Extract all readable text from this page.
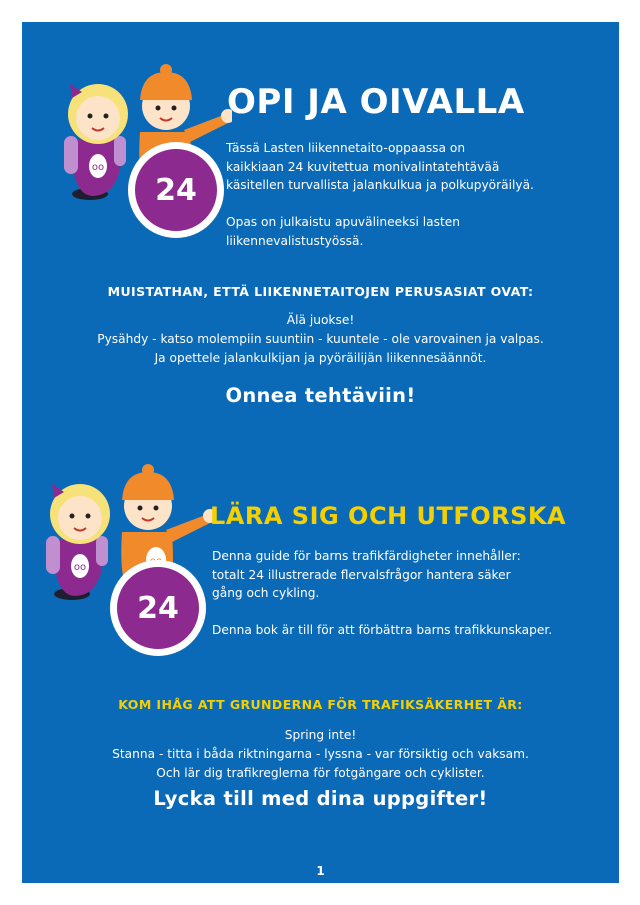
oo
24
OPI JA OIVALLA

Tässä Lasten liikennetaito-oppaassa on
kaikkiaan 24 kuvitettua monivalintatehtävää
käsitellen turvallista jalankulkua ja polkupyöräilyä.

Opas on julkaistu apuvälineeksi lasten
liikennevalistustyössä.

MUISTATHAN, ETTÄ LIIKENNETAITOJEN PERUSASIAT OVAT:
Älä juokse!
Pysähdy - katso molempiin suuntiin - kuuntele - ole varovainen ja valpas.
Ja opettele jalankulkijan ja pyöräilijän liikennesäännöt.
Onnea tehtäviin!
oo
24
LÄRA SIG OCH UTFORSKA

Denna guide för barns trafikfärdigheter innehåller:
totalt 24 illustrerade flervalsfrågor hantera säker
gång och cykling.

Denna bok är till för att förbättra barns trafikkunskaper.

KOM IHÅG ATT GRUNDERNA FÖR TRAFIKSÄKERHET ÄR:
Spring inte!
Stanna - titta i båda riktningarna - lyssna - var försiktig och vaksam.
Och lär dig trafikreglerna för fotgängare och cyklister.
Lycka till med dina uppgifter!
1
